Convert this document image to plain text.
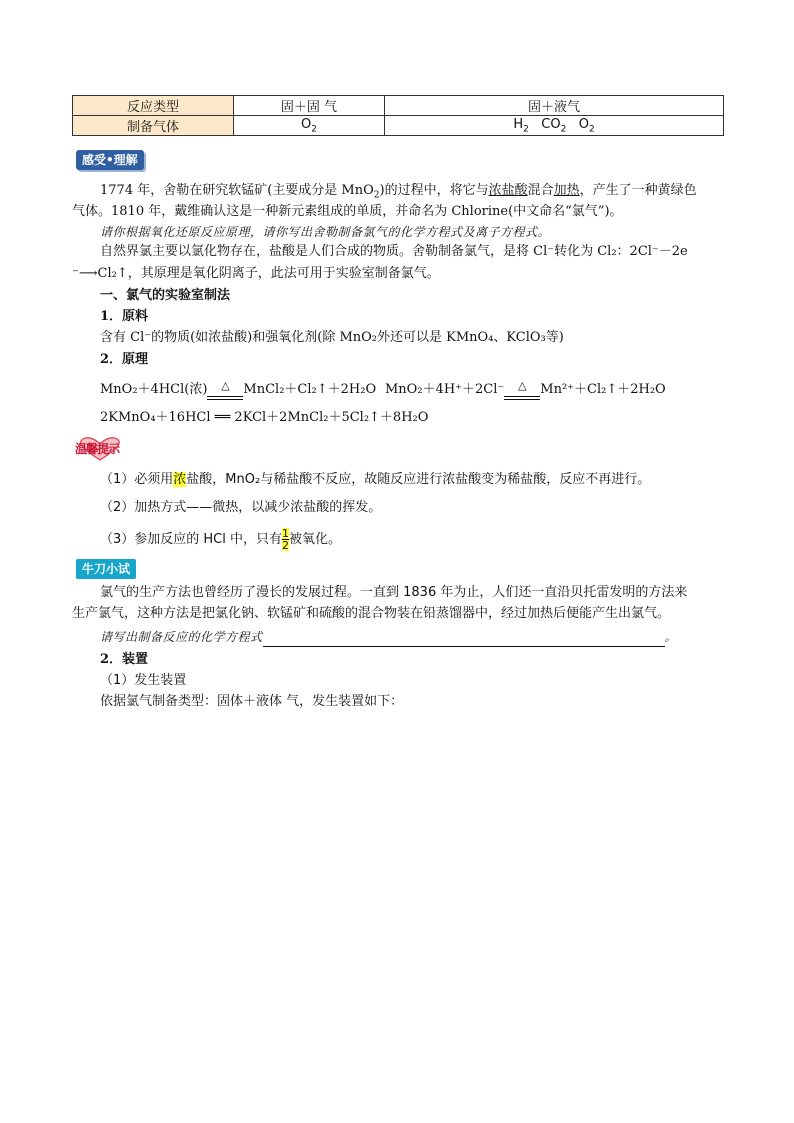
反应类型	固＋固 气	固＋液气
制备气体	$O_2$	$H_2$ $CO_2$ $O_2$
感受•理解
1774 年，舍勒在研究软锰矿(主要成分是 MnO$_2$)的过程中，将它与浓盐酸混合加热，产生了一种黄绿色
气体。1810 年，戴维确认这是一种新元素组成的单质，并命名为 Chlorine(中文命名“氯气”)。
请你根据氧化还原反应原理，请你写出舍勒制备氯气的化学方程式及离子方程式。
自然界氯主要以氯化物存在，盐酸是人们合成的物质。舍勒制备氯气，是将 Cl⁻转化为 Cl₂：2Cl⁻－2e
⁻⟶Cl₂↑，其原理是氧化阴离子，此法可用于实验室制备氯气。
一、氯气的实验室制法
1．原料
含有 Cl⁻的物质(如浓盐酸)和强氧化剂(除 MnO₂外还可以是 KMnO₄、KClO₃等)
2．原理
MnO₂＋4HCl(浓)	△	MnCl₂＋Cl₂↑＋2H₂O MnO₂＋4H⁺＋2Cl⁻	△	Mn²⁺＋Cl₂↑＋2H₂O
2KMnO₄＋16HCl ══ 2KCl＋2MnCl₂＋5Cl₂↑＋8H₂O
温馨提示
（1）必须用浓盐酸，MnO₂与稀盐酸不反应，故随反应进行浓盐酸变为稀盐酸，反应不再进行。
（2）加热方式——微热，以减少浓盐酸的挥发。
（3）参加反应的 HCl 中，只有 $\frac{1}{2}$被氧化。
牛刀小试
氯气的生产方法也曾经历了漫长的发展过程。一直到 1836 年为止，人们还一直沿贝托雷发明的方法来
生产氯气，这种方法是把氯化钠、软锰矿和硫酸的混合物装在铅蒸馏器中，经过加热后便能产生出氯气。
请写出制备反应的化学方程式	。
2．装置
（1）发生装置
依据氯气制备类型：固体＋液体 气，发生装置如下：
